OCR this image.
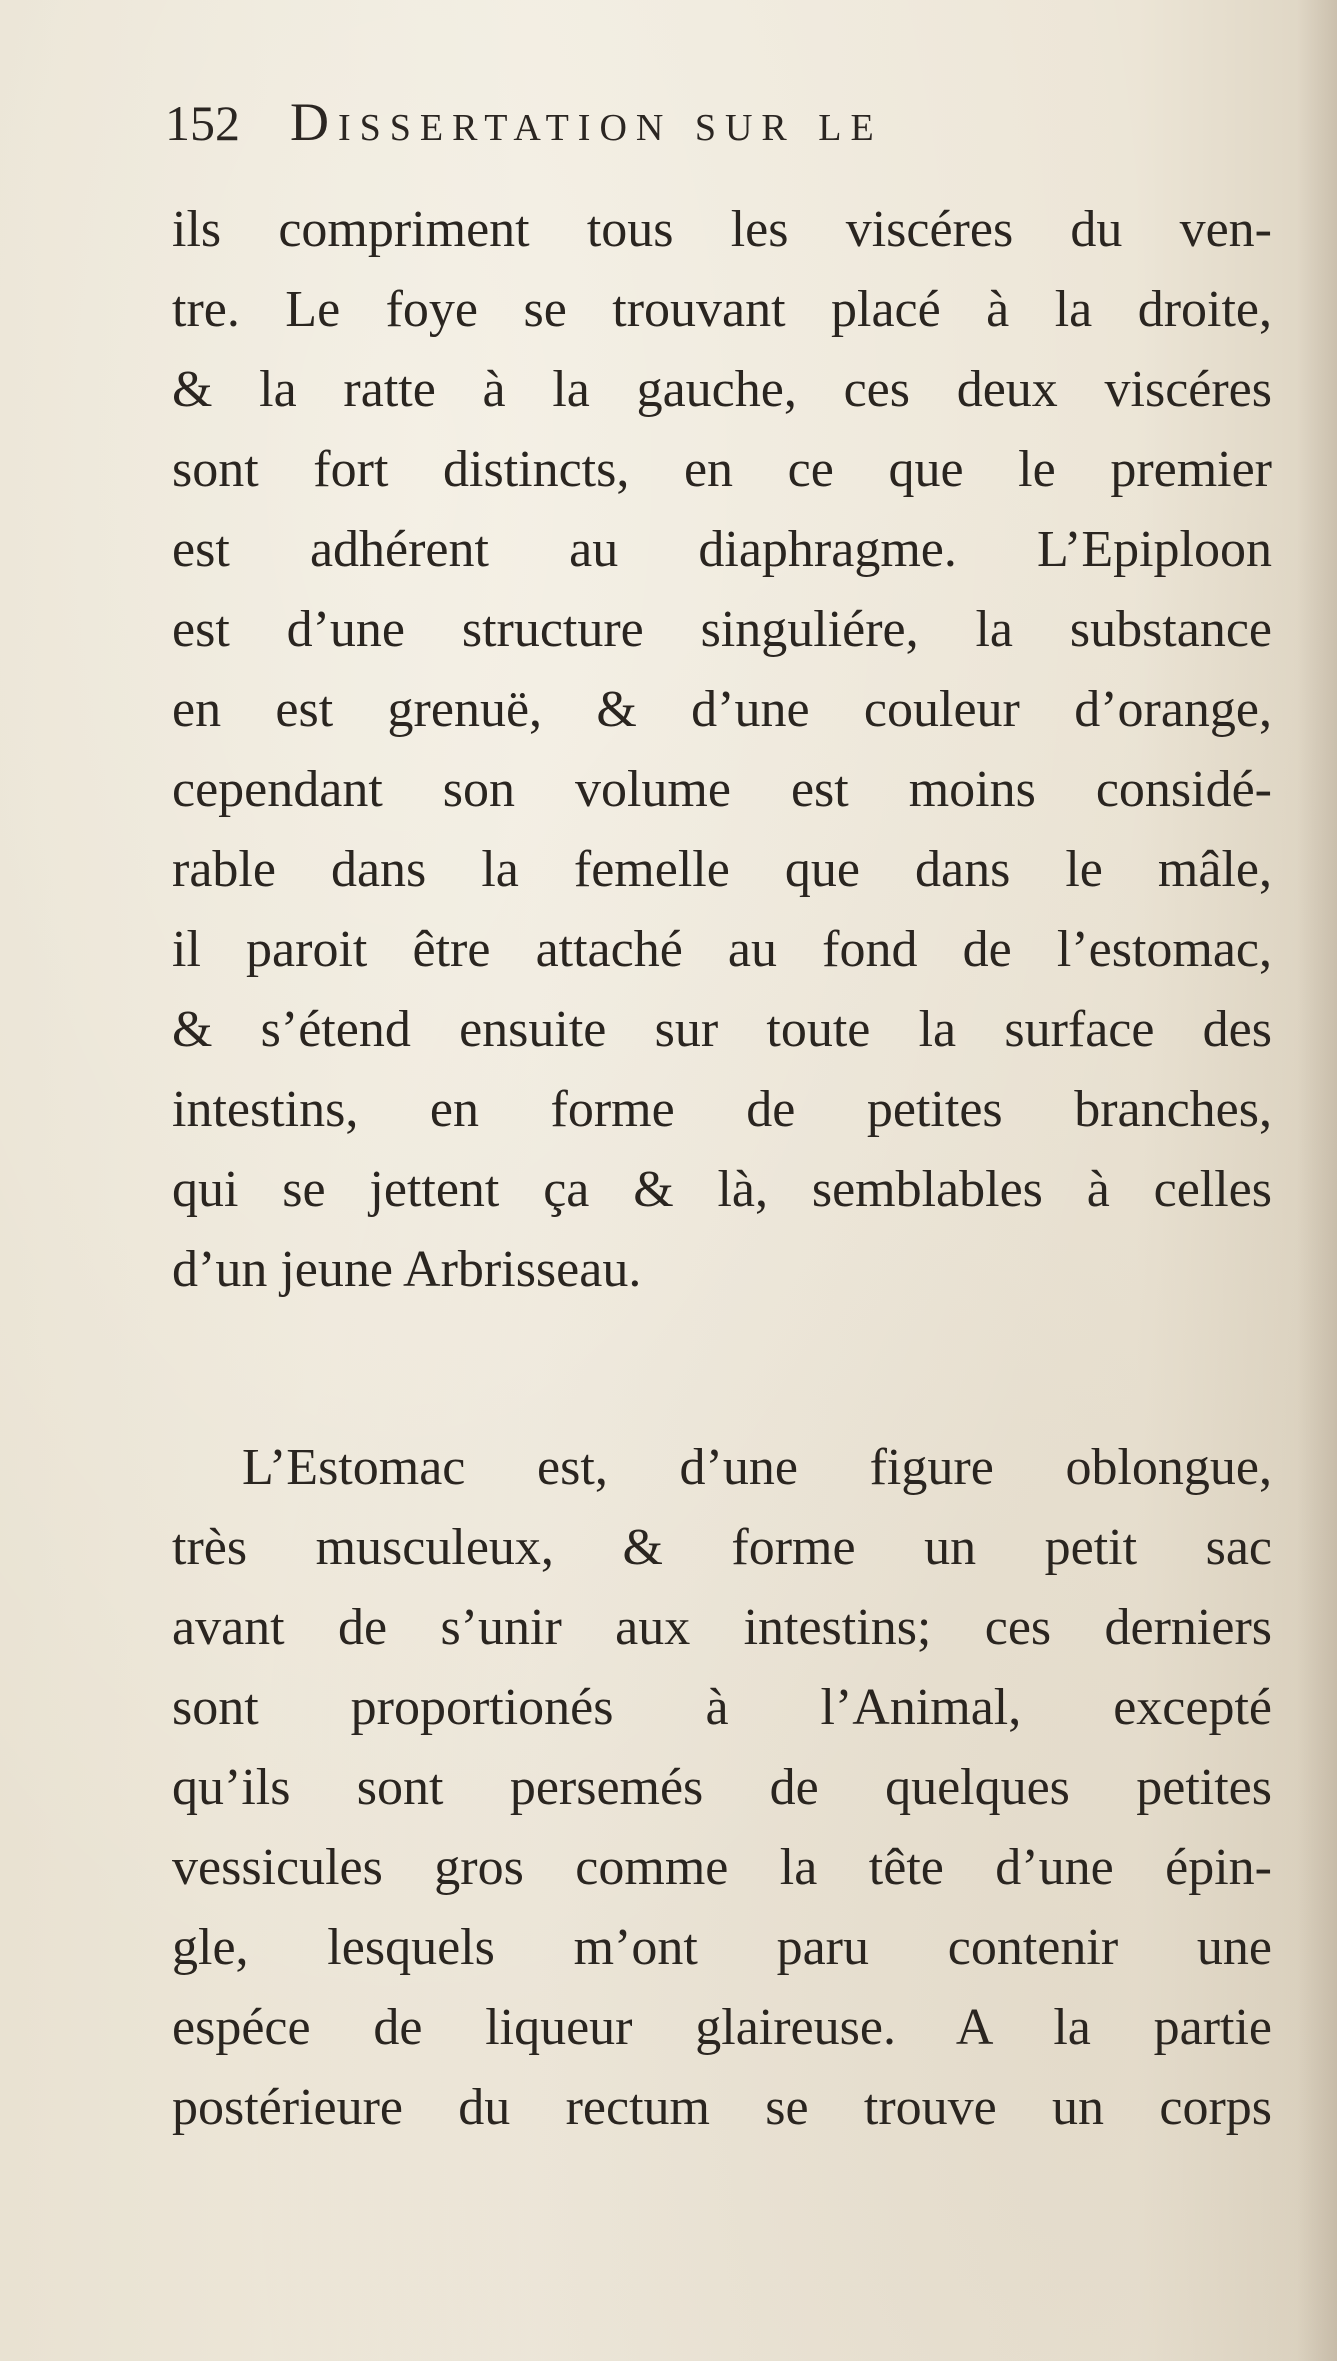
152 Dissertation sur le
ils compriment tous les viscéres du ven-
tre. Le foye se trouvant placé à la droite,
& la ratte à la gauche, ces deux viscéres
sont fort distincts, en ce que le premier
est adhérent au diaphragme. L’Epiploon
est d’une structure singuliére, la substance
en est grenuë, & d’une couleur d’orange,
cependant son volume est moins considé-
rable dans la femelle que dans le mâle,
il paroit être attaché au fond de l’estomac,
& s’étend ensuite sur toute la surface des
intestins, en forme de petites branches,
qui se jettent ça & là, semblables à celles
d’un jeune Arbrisseau.
L’Estomac est, d’une figure oblongue,
très musculeux, & forme un petit sac
avant de s’unir aux intestins; ces derniers
sont proportionés à l’Animal, excepté
qu’ils sont persemés de quelques petites
vessicules gros comme la tête d’une épin-
gle, lesquels m’ont paru contenir une
espéce de liqueur glaireuse. A la partie
postérieure du rectum se trouve un corps
